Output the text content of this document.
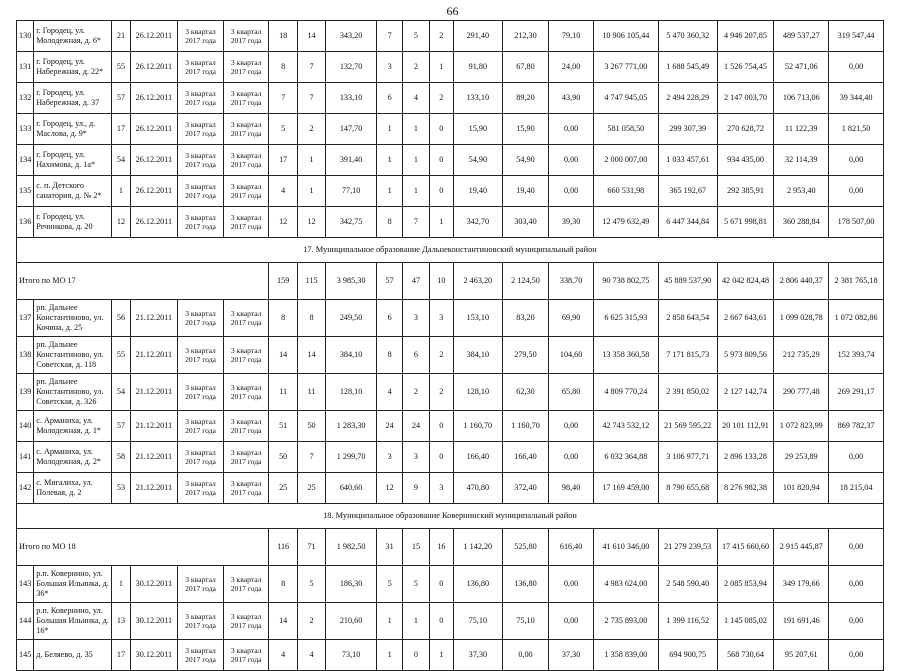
66
130	г. Городец, ул. Молодежная, д. 6*	21	26.12.2011	3 квартал 2017 года	3 квартал 2017 года	18	14	343,20	7	5	2	291,40	212,30	79,10	10 906 105,44	5 470 360,32	4 946 207,85	489 537,27	319 547,44
131	г. Городец, ул. Набережная, д. 22*	55	26.12.2011	3 квартал 2017 года	3 квартал 2017 года	8	7	132,70	3	2	1	91,80	67,80	24,00	3 267 771,00	1 688 545,49	1 526 754,45	52 471,06	0,00
132	г. Городец, ул. Набережная, д. 37	57	26.12.2011	3 квартал 2017 года	3 квартал 2017 года	7	7	133,10	6	4	2	133,10	89,20	43,90	4 747 945,05	2 494 228,29	2 147 003,70	106 713,06	39 344,40
133	г. Городец, ул., д. Маслова, д. 9*	17	26.12.2011	3 квартал 2017 года	3 квартал 2017 года	5	2	147,70	1	1	0	15,90	15,90	0,00	581 058,50	299 307,39	270 628,72	11 122,39	1 821,50
134	г. Городец, ул. Нахимова, д. 1а*	54	26.12.2011	3 квартал 2017 года	3 квартал 2017 года	17	1	391,40	1	1	0	54,90	54,90	0,00	2 000 007,00	1 033 457,61	934 435,00	32 114,39	0,00
135	с. п. Детского санатория, д. № 2*	1	26.12.2011	3 квартал 2017 года	3 квартал 2017 года	4	1	77,10	1	1	0	19,40	19,40	0,00	660 531,98	365 192,67	292 385,91	2 953,40	0,00
136	г. Городец, ул. Речникова, д. 20	12	26.12.2011	3 квартал 2017 года	3 квартал 2017 года	12	12	342,75	8	7	1	342,70	303,40	39,30	12 479 632,49	6 447 344,84	5 671 998,81	360 288,84	178 507,00
17. Муниципальное образование Дальнеконстантиновский муниципальный район																			
Итого по МО 17						159	115	3 985,30	57	47	10	2 463,20	2 124,50	338,70	90 738 802,75	45 889 537,90	42 042 824,48	2 806 440,37	2 381 765,18
137	рп. Дальнее Константиново, ул. Кочина, д. 25	56	21.12.2011	3 квартал 2017 года	3 квартал 2017 года	8	8	249,50	6	3	3	153,10	83,20	69,90	6 625 315,93	2 858 643,54	2 667 643,61	1 099 028,78	1 072 082,86
138	рп. Дальнее Константиново, ул. Советская, д. 118	55	21.12.2011	3 квартал 2017 года	3 квартал 2017 года	14	14	384,10	8	6	2	384,10	279,50	104,60	13 358 360,58	7 171 815,73	5 973 809,56	212 735,29	152 393,74
139	рп. Дальнее Константиново, ул. Советская, д. 326	54	21.12.2011	3 квартал 2017 года	3 квартал 2017 года	11	11	128,10	4	2	2	128,10	62,30	65,80	4 809 770,24	2 391 850,02	2 127 142,74	290 777,48	269 291,17
140	с. Арманиха, ул. Молодежная, д. 1*	57	21.12.2011	3 квартал 2017 года	3 квартал 2017 года	51	50	1 283,30	24	24	0	1 160,70	1 160,70	0,00	42 743 532,12	21 569 595,22	20 101 112,91	1 072 823,99	869 782,37
141	с. Арманиха, ул. Молодежная, д. 2*	58	21.12.2011	3 квартал 2017 года	3 квартал 2017 года	50	7	1 299,70	3	3	0	166,40	166,40	0,00	6 032 364,88	3 106 977,71	2 896 133,28	29 253,89	0,00
142	с. Мигалиха, ул. Полевая, д. 2	53	21.12.2011	3 квартал 2017 года	3 квартал 2017 года	25	25	640,60	12	9	3	470,80	372,40	98,40	17 169 459,00	8 790 655,68	8 276 982,38	101 820,94	18 215,04
18. Муниципальное образование Ковернинский муниципальный район																			
Итого по МО 18						116	71	1 982,50	31	15	16	1 142,20	525,80	616,40	41 610 346,00	21 279 239,53	17 415 660,60	2 915 445,87	0,00
143	р.п. Ковернино, ул. Большая Ильинка, д. 36*	1	30.12.2011	3 квартал 2017 года	3 квартал 2017 года	8	5	186,30	5	5	0	136,80	136,80	0,00	4 983 624,00	2 548 590,40	2 085 853,94	349 179,66	0,00
144	р.п. Ковернино, ул. Большая Ильинка, д. 16*	13	30.12.2011	3 квартал 2017 года	3 квартал 2017 года	14	2	210,60	1	1	0	75,10	75,10	0,00	2 735 893,00	1 399 116,52	1 145 085,02	191 691,46	0,00
145	д. Беляево, д. 35	17	30.12.2011	3 квартал 2017 года	3 квартал 2017 года	4	4	73,10	1	0	1	37,30	0,00	37,30	1 358 839,00	694 900,75	568 730,64	95 207,61	0,00
